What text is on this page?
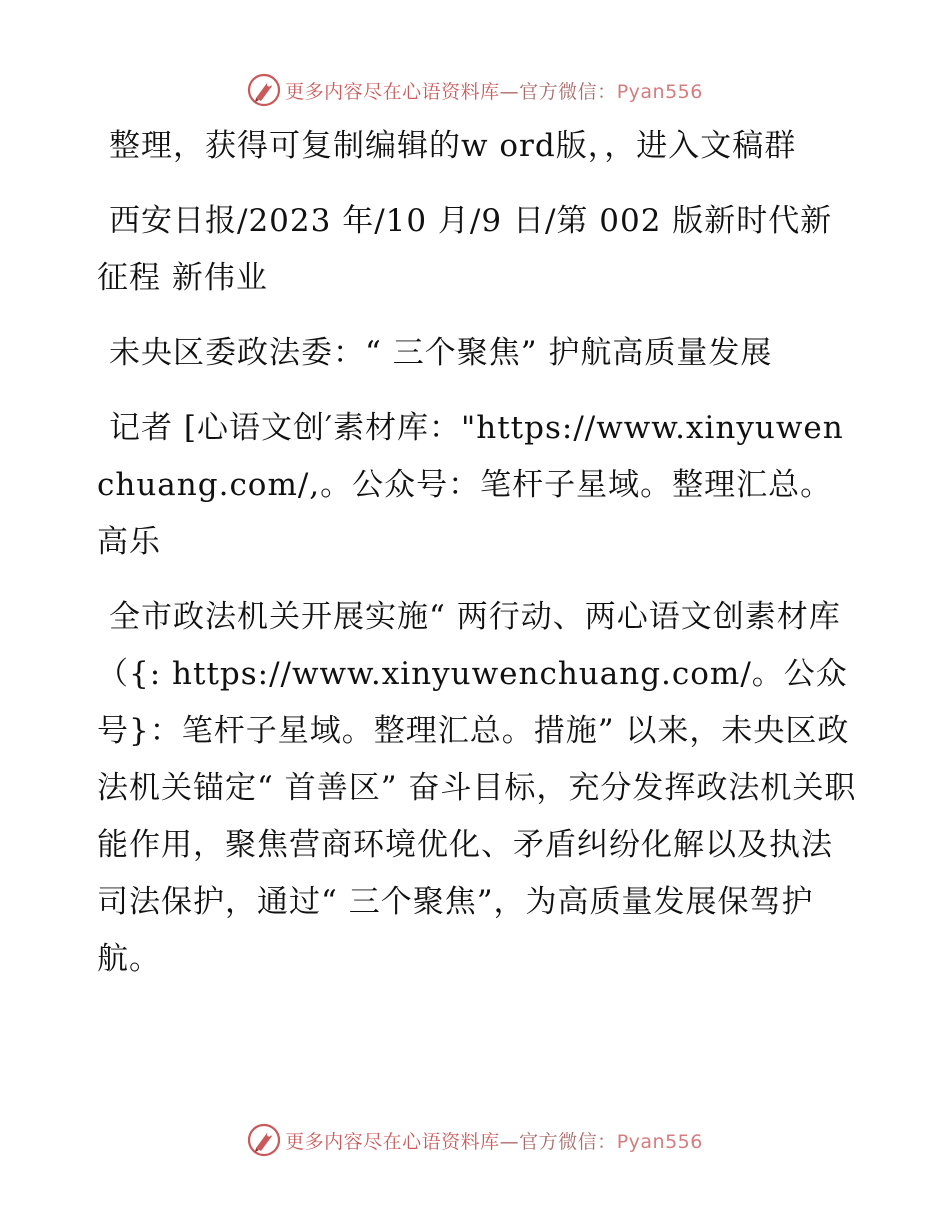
更多内容尽在心语资料库—官方微信：Pyan556

整理，获得可复制编辑的w ord版，，进入文稿群

西安日报/2023 年/10 月/9 日/第 002 版新时代新征程 新伟业

未央区委政法委：“ 三个聚焦” 护航高质量发展

记者 [心语文创′素材库："https://www.xinyuwenchuang.com/,。公众号：笔杆子星域。整理汇总。高乐

全市政法机关开展实施“ 两行动、两心语文创素材库（{: https://www.xinyuwenchuang.com/。公众号}：笔杆子星域。整理汇总。措施” 以来，未央区政法机关锚定“ 首善区” 奋斗目标，充分发挥政法机关职能作用，聚焦营商环境优化、矛盾纠纷化解以及执法司法保护，通过“ 三个聚焦”，为高质量发展保驾护航。

更多内容尽在心语资料库—官方微信：Pyan556
